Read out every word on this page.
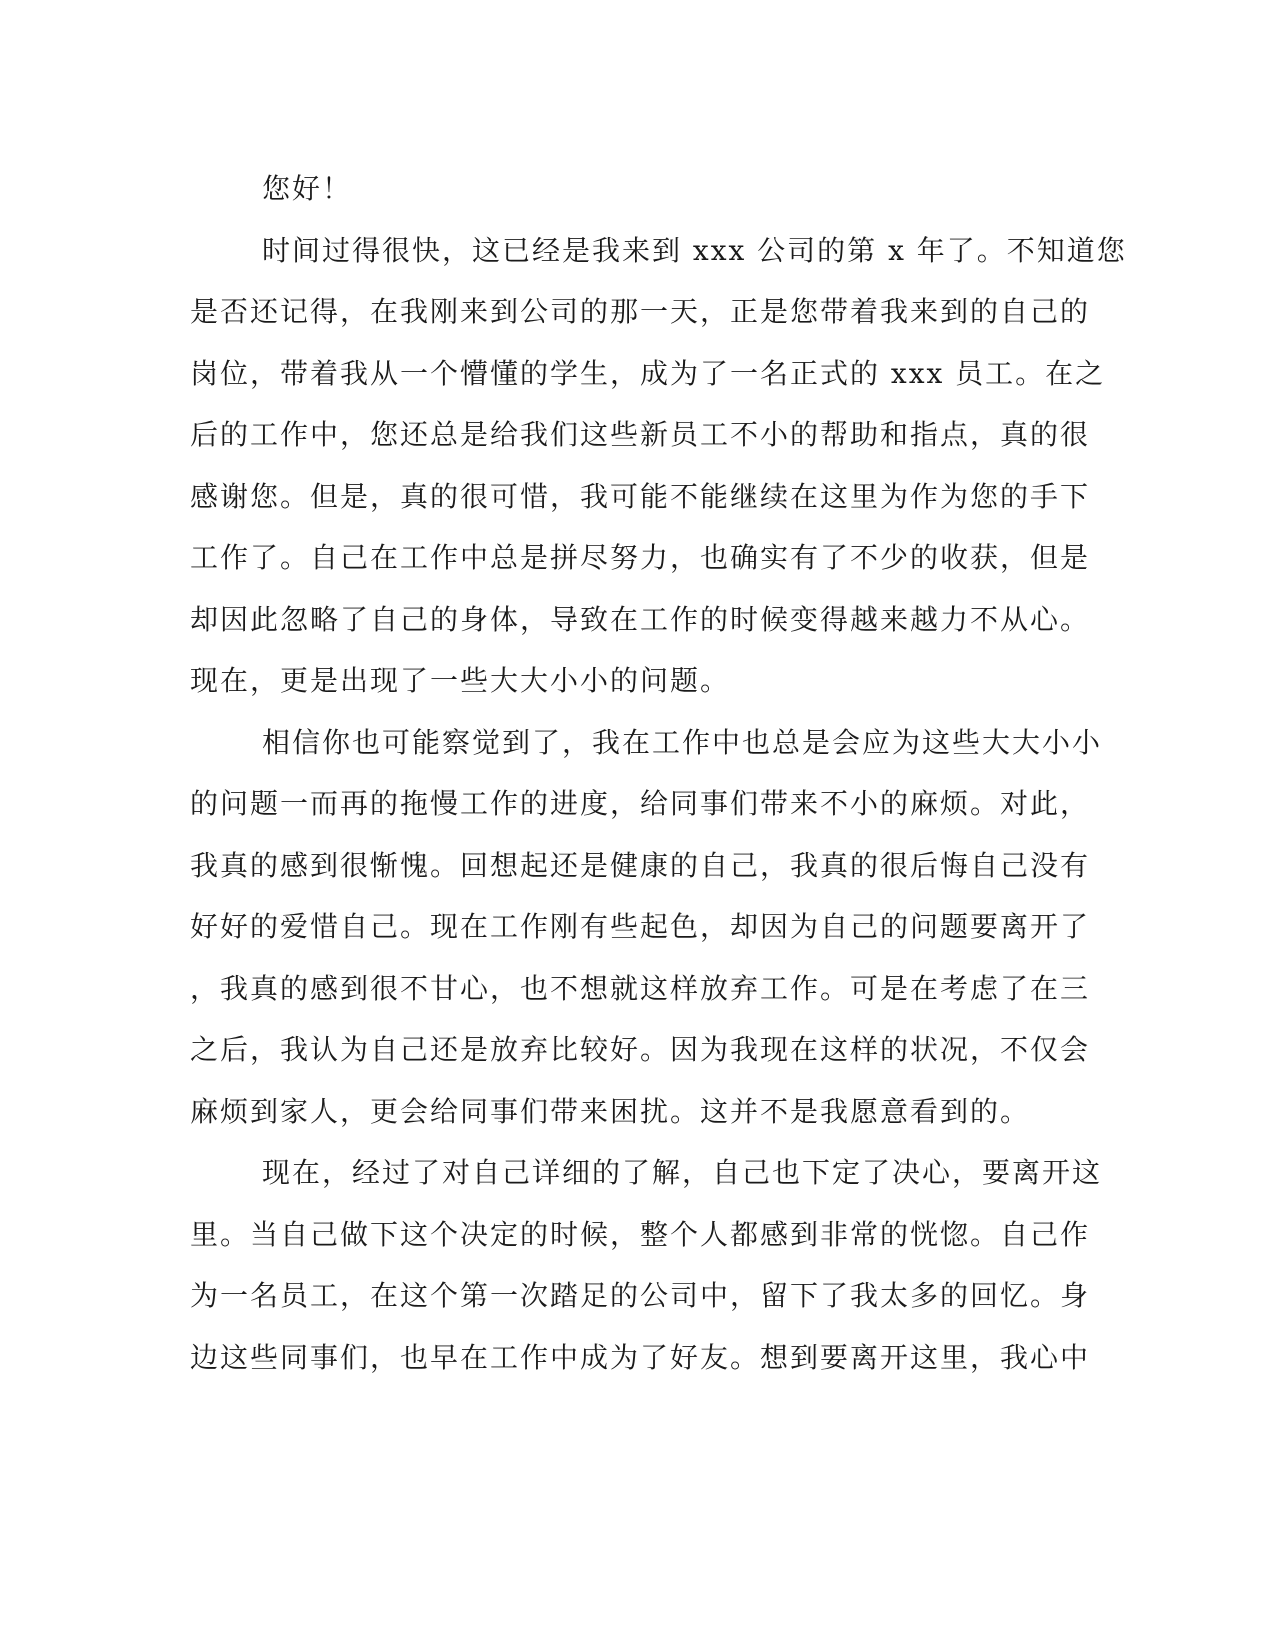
您好！
时间过得很快，这已经是我来到 xxx 公司的第 x 年了。不知道您
是否还记得，在我刚来到公司的那一天，正是您带着我来到的自己的
岗位，带着我从一个懵懂的学生，成为了一名正式的 xxx 员工。在之
后的工作中，您还总是给我们这些新员工不小的帮助和指点，真的很
感谢您。但是，真的很可惜，我可能不能继续在这里为作为您的手下
工作了。自己在工作中总是拼尽努力，也确实有了不少的收获，但是
却因此忽略了自己的身体，导致在工作的时候变得越来越力不从心。
现在，更是出现了一些大大小小的问题。
相信你也可能察觉到了，我在工作中也总是会应为这些大大小小
的问题一而再的拖慢工作的进度，给同事们带来不小的麻烦。对此，
我真的感到很惭愧。回想起还是健康的自己，我真的很后悔自己没有
好好的爱惜自己。现在工作刚有些起色，却因为自己的问题要离开了
，我真的感到很不甘心，也不想就这样放弃工作。可是在考虑了在三
之后，我认为自己还是放弃比较好。因为我现在这样的状况，不仅会
麻烦到家人，更会给同事们带来困扰。这并不是我愿意看到的。
现在，经过了对自己详细的了解，自己也下定了决心，要离开这
里。当自己做下这个决定的时候，整个人都感到非常的恍惚。自己作
为一名员工，在这个第一次踏足的公司中，留下了我太多的回忆。身
边这些同事们，也早在工作中成为了好友。想到要离开这里，我心中
